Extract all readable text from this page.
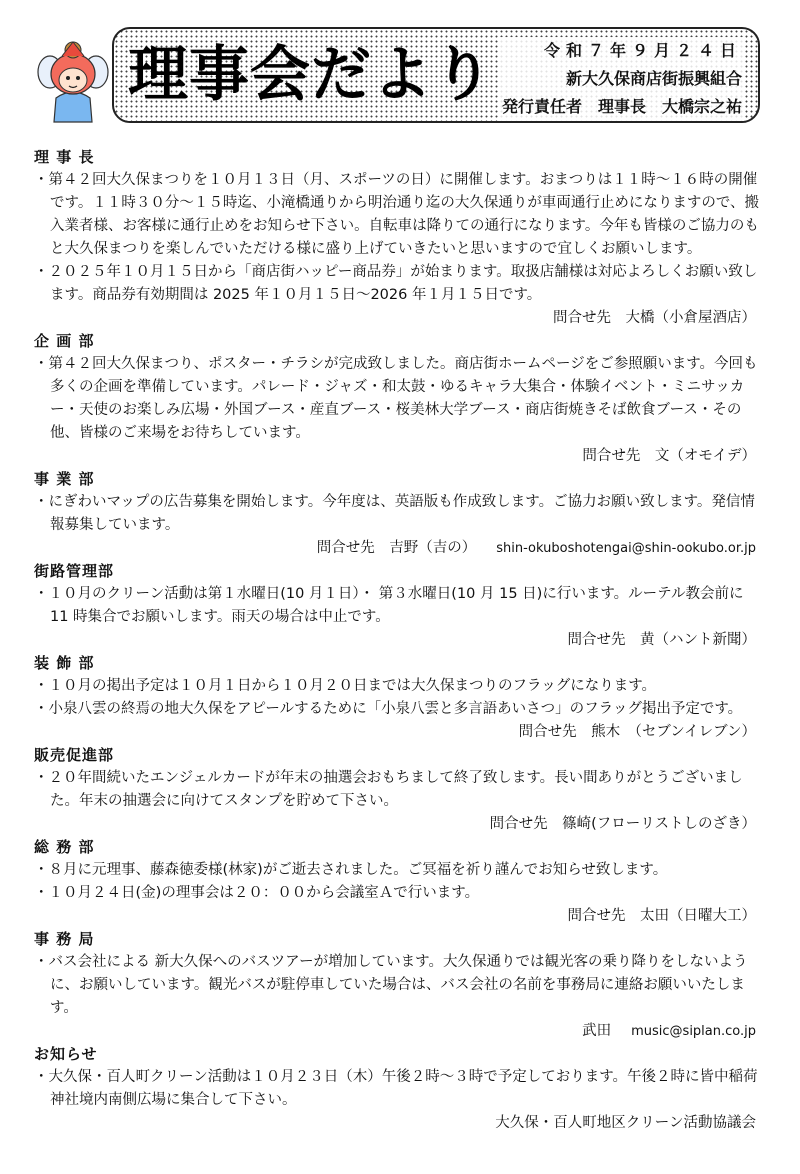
理事会だより	令和７年９月２４日
新大久保商店街振興組合
発行責任者　理事長　大橋宗之祐
理 事 長

・第４２回大久保まつりを１０月１３日（月、スポーツの日）に開催します。おまつりは１１時〜１６時の開催です。１１時３０分〜１５時迄、小滝橋通りから明治通り迄の大久保通りが車両通行止めになりますので、搬入業者様、お客様に通行止めをお知らせ下さい。自転車は降りての通行になります。今年も皆様のご協力のもと大久保まつりを楽しんでいただける様に盛り上げていきたいと思いますので宜しくお願いします。

・２０２５年１０月１５日から「商店街ハッピー商品券」が始まります。取扱店舗様は対応よろしくお願い致します。商品券有効期間は 2025 年１０月１５日〜2026 年１月１５日です。

問合せ先　大橋（小倉屋酒店）
企 画 部

・第４２回大久保まつり、ポスター・チラシが完成致しました。商店街ホームページをご参照願います。今回も多くの企画を準備しています。パレード・ジャズ・和太鼓・ゆるキャラ大集合・体験イベント・ミニサッカー・天使のお楽しみ広場・外国ブース・産直ブース・桜美林大学ブース・商店街焼きそば飲食ブース・その他、皆様のご来場をお待ちしています。

問合せ先　文（オモイデ）
事 業 部

・にぎわいマップの広告募集を開始します。今年度は、英語版も作成致します。ご協力お願い致します。発信情報募集しています。

問合せ先　吉野（吉の） shin-okuboshotengai@shin-ookubo.or.jp
街路管理部

・１０月のクリーン活動は第１水曜日(10 月１日）・ 第３水曜日(10 月 15 日)に行います。ルーテル教会前に 11 時集合でお願いします。雨天の場合は中止です。

問合せ先　黄（ハント新聞）
装 飾 部

・１０月の掲出予定は１０月１日から１０月２０日までは大久保まつりのフラッグになります。

・小泉八雲の終焉の地大久保をアピールするために「小泉八雲と多言語あいさつ」のフラッグ掲出予定です。

問合せ先　熊木　（セブンイレブン）
販売促進部

・２０年間続いたエンジェルカードが年末の抽選会おもちまして終了致します。長い間ありがとうございました。年末の抽選会に向けてスタンプを貯めて下さい。

問合せ先　篠崎(フローリストしのざき）
総 務 部

・８月に元理事、藤森徳委様(林家)がご逝去されました。ご冥福を祈り謹んでお知らせ致します。

・１０月２４日(金)の理事会は２０：００から会議室Ａで行います。

問合せ先　太田（日曜大工）
事 務 局

・バス会社による 新大久保へのバスツアーが増加しています。大久保通りでは観光客の乗り降りをしないように、お願いしています。観光バスが駐停車していた場合は、バス会社の名前を事務局に連絡お願いいたします。

武田 music@siplan.co.jp
お知らせ

・大久保・百人町クリーン活動は１０月２３日（木）午後２時〜３時で予定しております。午後２時に皆中稲荷神社境内南側広場に集合して下さい。

大久保・百人町地区クリーン活動協議会
